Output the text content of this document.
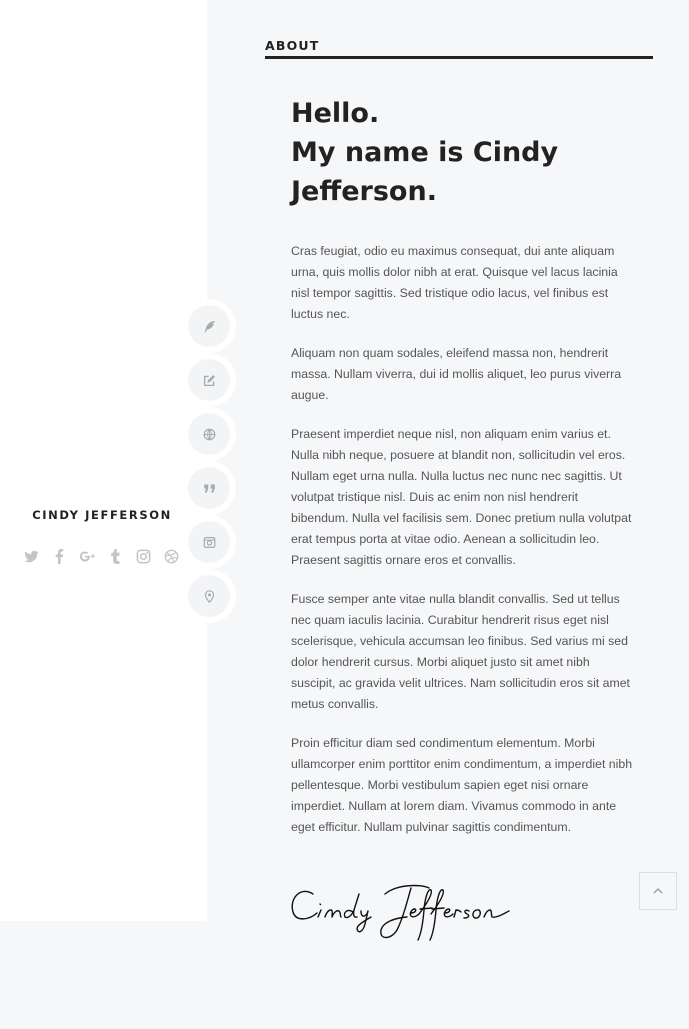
CINDY JEFFERSON
ABOUT
Hello.
My name is Cindy
Jefferson.

Cras feugiat, odio eu maximus consequat, dui ante aliquam urna, quis mollis dolor nibh at erat. Quisque vel lacus lacinia nisl tempor sagittis. Sed tristique odio lacus, vel finibus est luctus nec.

Aliquam non quam sodales, eleifend massa non, hendrerit massa. Nullam viverra, dui id mollis aliquet, leo purus viverra augue.

Praesent imperdiet neque nisl, non aliquam enim varius et. Nulla nibh neque, posuere at blandit non, sollicitudin vel eros. Nullam eget urna nulla. Nulla luctus nec nunc nec sagittis. Ut volutpat tristique nisl. Duis ac enim non nisl hendrerit bibendum. Nulla vel facilisis sem. Donec pretium nulla volutpat erat tempus porta at vitae odio. Aenean a sollicitudin leo. Praesent sagittis ornare eros et convallis.

Fusce semper ante vitae nulla blandit convallis. Sed ut tellus nec quam iaculis lacinia. Curabitur hendrerit risus eget nisl scelerisque, vehicula accumsan leo finibus. Sed varius mi sed dolor hendrerit cursus. Morbi aliquet justo sit amet nibh suscipit, ac gravida velit ultrices. Nam sollicitudin eros sit amet metus convallis.

Proin efficitur diam sed condimentum elementum. Morbi ullamcorper enim porttitor enim condimentum, a imperdiet nibh pellentesque. Morbi vestibulum sapien eget nisi ornare imperdiet. Nullam at lorem diam. Vivamus commodo in ante eget efficitur. Nullam pulvinar sagittis condimentum.
